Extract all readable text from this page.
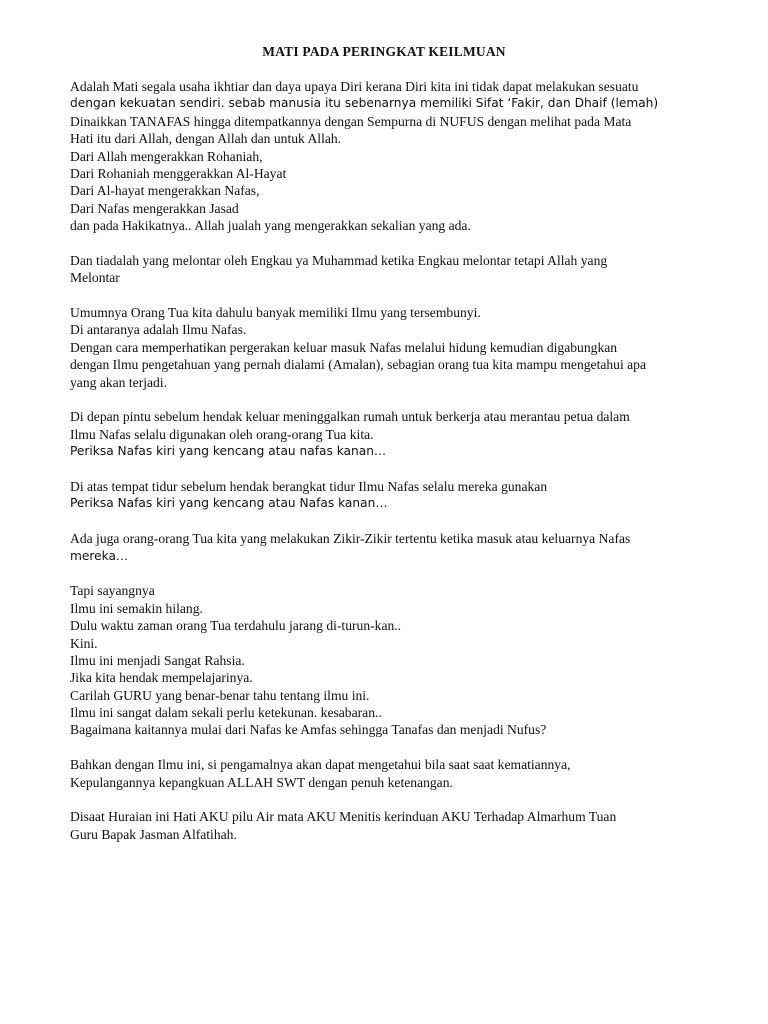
MATI PADA PERINGKAT KEILMUAN
Adalah Mati segala usaha ikhtiar dan daya upaya Diri kerana Diri kita ini tidak dapat melakukan sesuatu
dengan kekuatan sendiri. sebab manusia itu sebenarnya memiliki Sifat ‘Fakir, dan Dhaif (lemah)
Dinaikkan TANAFAS hingga ditempatkannya dengan Sempurna di NUFUS dengan melihat pada Mata
Hati itu dari Allah, dengan Allah dan untuk Allah.
Dari Allah mengerakkan Rohaniah,
Dari Rohaniah menggerakkan Al-Hayat
Dari Al-hayat mengerakkan Nafas,
Dari Nafas mengerakkan Jasad
dan pada Hakikatnya.. Allah jualah yang mengerakkan sekalian yang ada.
Dan tiadalah yang melontar oleh Engkau ya Muhammad ketika Engkau melontar tetapi Allah yang
Melontar
Umumnya Orang Tua kita dahulu banyak memiliki Ilmu yang tersembunyi.
Di antaranya adalah Ilmu Nafas.
Dengan cara memperhatikan pergerakan keluar masuk Nafas melalui hidung kemudian digabungkan
dengan Ilmu pengetahuan yang pernah dialami (Amalan), sebagian orang tua kita mampu mengetahui apa
yang akan terjadi.
Di depan pintu sebelum hendak keluar meninggalkan rumah untuk berkerja atau merantau petua dalam
Ilmu Nafas selalu digunakan oleh orang-orang Tua kita.
Periksa Nafas kiri yang kencang atau nafas kanan…
Di atas tempat tidur sebelum hendak berangkat tidur Ilmu Nafas selalu mereka gunakan
Periksa Nafas kiri yang kencang atau Nafas kanan…
Ada juga orang-orang Tua kita yang melakukan Zikir-Zikir tertentu ketika masuk atau keluarnya Nafas
mereka…
Tapi sayangnya
Ilmu ini semakin hilang.
Dulu waktu zaman orang Tua terdahulu jarang di-turun-kan..
Kini.
Ilmu ini menjadi Sangat Rahsia.
Jika kita hendak mempelajarinya.
Carilah GURU yang benar-benar tahu tentang ilmu ini.
Ilmu ini sangat dalam sekali perlu ketekunan. kesabaran..
Bagaimana kaitannya mulai dari Nafas ke Amfas sehingga Tanafas dan menjadi Nufus?
Bahkan dengan Ilmu ini, si pengamalnya akan dapat mengetahui bila saat saat kematiannya,
Kepulangannya kepangkuan ALLAH SWT dengan penuh ketenangan.
Disaat Huraian ini Hati AKU pilu Air mata AKU Menitis kerinduan AKU Terhadap Almarhum Tuan
Guru Bapak Jasman Alfatihah.
